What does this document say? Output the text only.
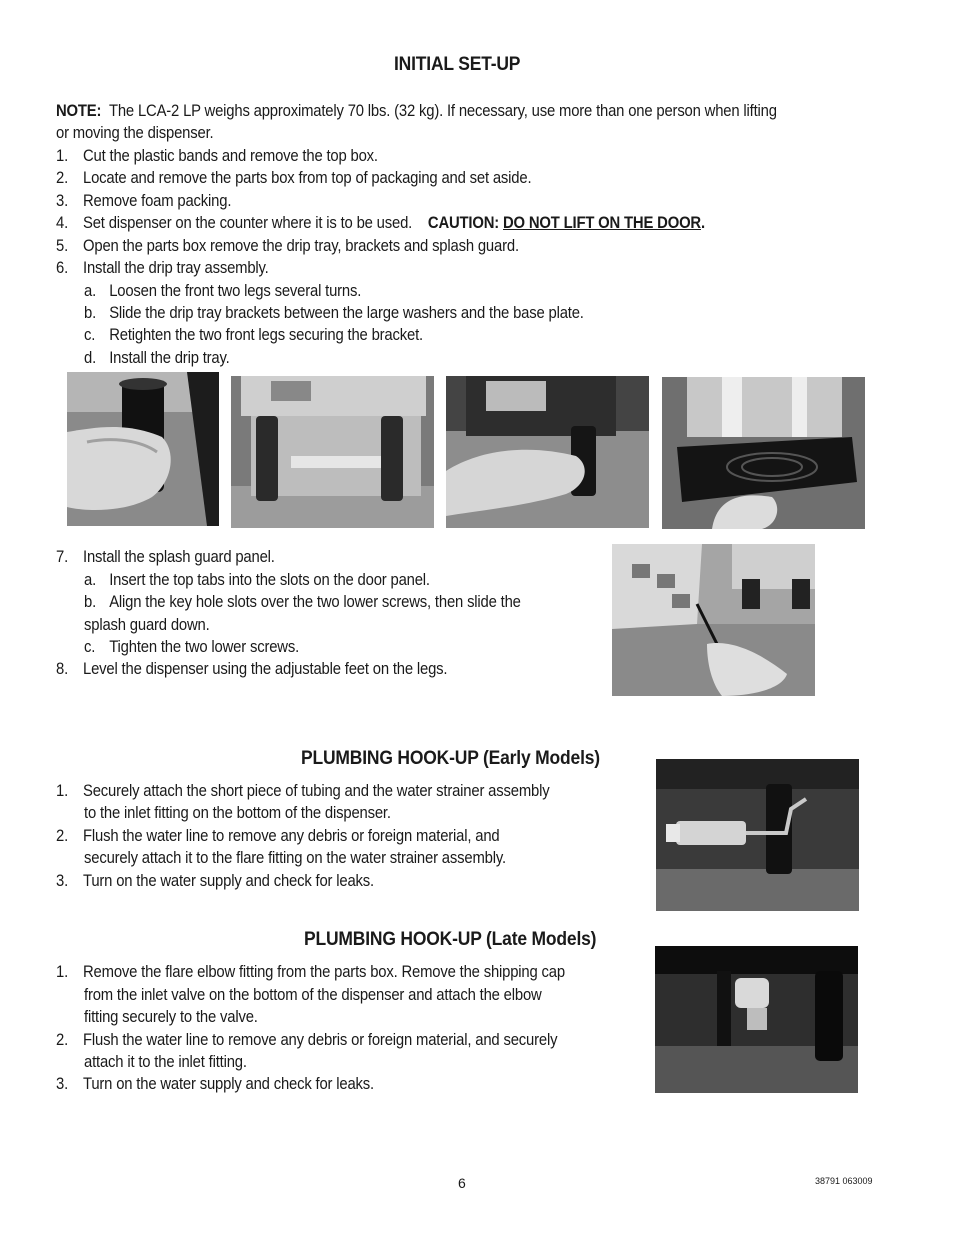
INITIAL SET-UP
NOTE: The LCA-2 LP weighs approximately 70 lbs. (32 kg). If necessary, use more than one person when lifting
or moving the dispenser.
1. Cut the plastic bands and remove the top box.
2. Locate and remove the parts box from top of packaging and set aside.
3. Remove foam packing.
4. Set dispenser on the counter where it is to be used. CAUTION: DO NOT LIFT ON THE DOOR.
5. Open the parts box remove the drip tray, brackets and splash guard.
6. Install the drip tray assembly.
a. Loosen the front two legs several turns.
b. Slide the drip tray brackets between the large washers and the base plate.
c. Retighten the two front legs securing the bracket.
d. Install the drip tray.
7. Install the splash guard panel.
a. Insert the top tabs into the slots on the door panel.
b. Align the key hole slots over the two lower screws, then slide the
splash guard down.
c. Tighten the two lower screws.
8. Level the dispenser using the adjustable feet on the legs.
PLUMBING HOOK-UP (Early Models)
1. Securely attach the short piece of tubing and the water strainer assembly
to the inlet fitting on the bottom of the dispenser.
2. Flush the water line to remove any debris or foreign material, and
securely attach it to the flare fitting on the water strainer assembly.
3. Turn on the water supply and check for leaks.
PLUMBING HOOK-UP (Late Models)
1. Remove the flare elbow fitting from the parts box. Remove the shipping cap
from the inlet valve on the bottom of the dispenser and attach the elbow
fitting securely to the valve.
2. Flush the water line to remove any debris or foreign material, and securely
attach it to the inlet fitting.
3. Turn on the water supply and check for leaks.
6	38791 063009
